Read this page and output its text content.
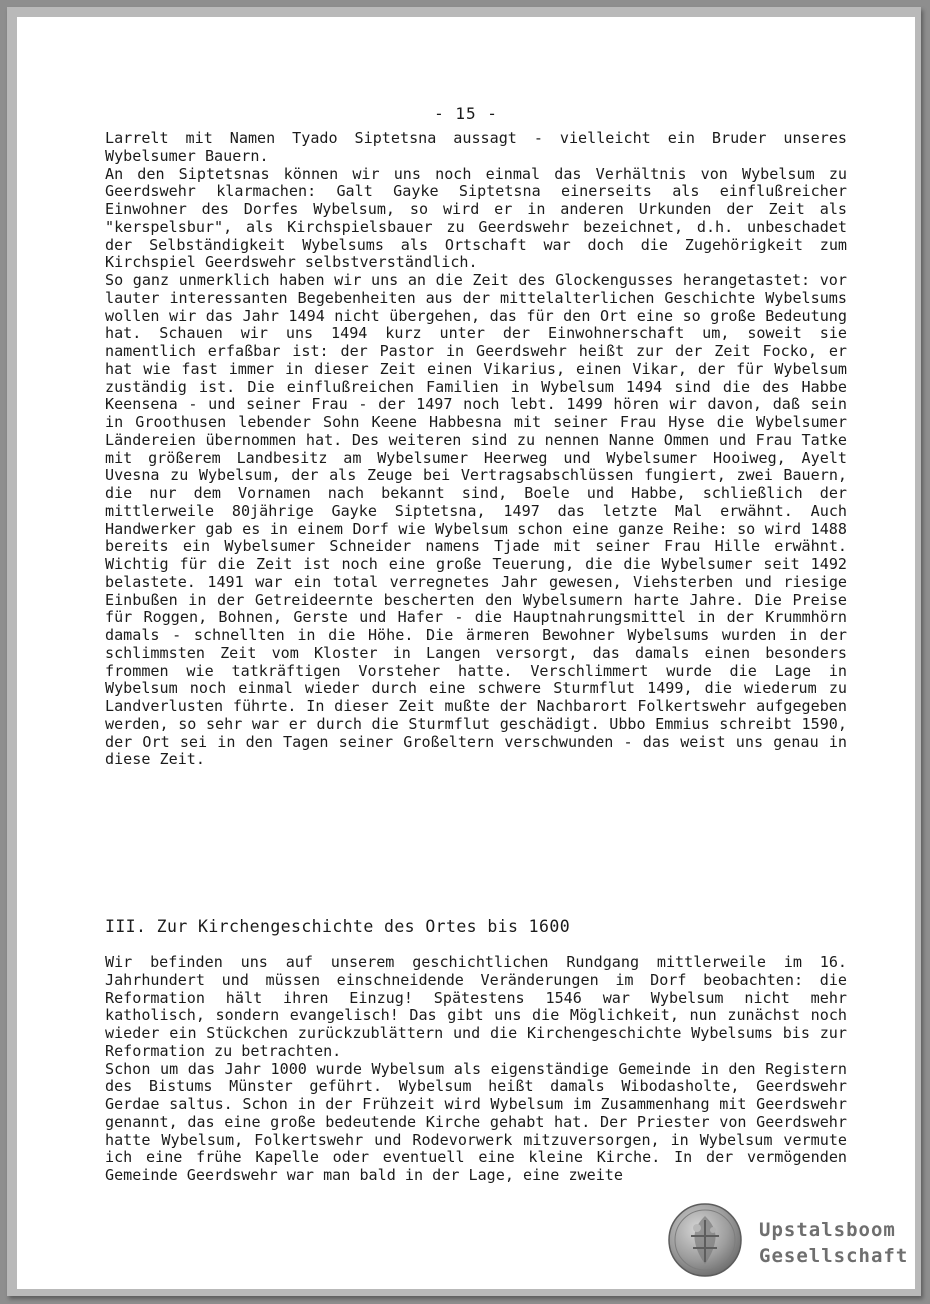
- 15 -

Larrelt mit Namen Tyado Siptetsna aussagt - vielleicht ein Bruder unseres Wybelsumer Bauern.

An den Siptetsnas können wir uns noch einmal das Verhältnis von Wybelsum zu Geerdswehr klarmachen: Galt Gayke Siptetsna einerseits als einflußreicher Einwohner des Dorfes Wybelsum, so wird er in anderen Urkunden der Zeit als "kerspelsbur", als Kirchspielsbauer zu Geerdswehr bezeichnet, d.h. unbeschadet der Selbständigkeit Wybelsums als Ortschaft war doch die Zugehörigkeit zum Kirchspiel Geerdswehr selbstverständlich.

So ganz unmerklich haben wir uns an die Zeit des Glockengusses herangetastet: vor lauter interessanten Begebenheiten aus der mittelalterlichen Geschichte Wybelsums wollen wir das Jahr 1494 nicht übergehen, das für den Ort eine so große Bedeutung hat. Schauen wir uns 1494 kurz unter der Einwohnerschaft um, soweit sie namentlich erfaßbar ist: der Pastor in Geerdswehr heißt zur der Zeit Focko, er hat wie fast immer in dieser Zeit einen Vikarius, einen Vikar, der für Wybelsum zuständig ist. Die einflußreichen Familien in Wybelsum 1494 sind die des Habbe Keensena - und seiner Frau - der 1497 noch lebt. 1499 hören wir davon, daß sein in Groothusen lebender Sohn Keene Habbesna mit seiner Frau Hyse die Wybelsumer Ländereien übernommen hat. Des weiteren sind zu nennen Nanne Ommen und Frau Tatke mit größerem Landbesitz am Wybelsumer Heerweg und Wybelsumer Hooiweg, Ayelt Uvesna zu Wybelsum, der als Zeuge bei Vertragsabschlüssen fungiert, zwei Bauern, die nur dem Vornamen nach bekannt sind, Boele und Habbe, schließlich der mittlerweile 80jährige Gayke Siptetsna, 1497 das letzte Mal erwähnt. Auch Handwerker gab es in einem Dorf wie Wybelsum schon eine ganze Reihe: so wird 1488 bereits ein Wybelsumer Schneider namens Tjade mit seiner Frau Hille erwähnt. Wichtig für die Zeit ist noch eine große Teuerung, die die Wybelsumer seit 1492 belastete. 1491 war ein total verregnetes Jahr gewesen, Viehsterben und riesige Einbußen in der Getreideernte bescherten den Wybelsumern harte Jahre. Die Preise für Roggen, Bohnen, Gerste und Hafer - die Hauptnahrungsmittel in der Krummhörn damals - schnellten in die Höhe. Die ärmeren Bewohner Wybelsums wurden in der schlimmsten Zeit vom Kloster in Langen versorgt, das damals einen besonders frommen wie tatkräftigen Vorsteher hatte. Verschlimmert wurde die Lage in Wybelsum noch einmal wieder durch eine schwere Sturmflut 1499, die wiederum zu Landverlusten führte. In dieser Zeit mußte der Nachbarort Folkertswehr aufgegeben werden, so sehr war er durch die Sturmflut geschädigt. Ubbo Emmius schreibt 1590, der Ort sei in den Tagen seiner Großeltern verschwunden - das weist uns genau in diese Zeit.

III. Zur Kirchengeschichte des Ortes bis 1600

Wir befinden uns auf unserem geschichtlichen Rundgang mittlerweile im 16. Jahrhundert und müssen einschneidende Veränderungen im Dorf beobachten: die Reformation hält ihren Einzug! Spätestens 1546 war Wybelsum nicht mehr katholisch, sondern evangelisch! Das gibt uns die Möglichkeit, nun zunächst noch wieder ein Stückchen zurückzublättern und die Kirchengeschichte Wybelsums bis zur Reformation zu betrachten.

Schon um das Jahr 1000 wurde Wybelsum als eigenständige Gemeinde in den Registern des Bistums Münster geführt. Wybelsum heißt damals Wibodasholte, Geerdswehr Gerdae saltus. Schon in der Frühzeit wird Wybelsum im Zusammenhang mit Geerdswehr genannt, das eine große bedeutende Kirche gehabt hat. Der Priester von Geerdswehr hatte Wybelsum, Folkertswehr und Rodevorwerk mitzuversorgen, in Wybelsum vermute ich eine frühe Kapelle oder eventuell eine kleine Kirche. In der vermögenden Gemeinde Geerdswehr war man bald in der Lage, eine zweite

Upstalsboom
Gesellschaft
